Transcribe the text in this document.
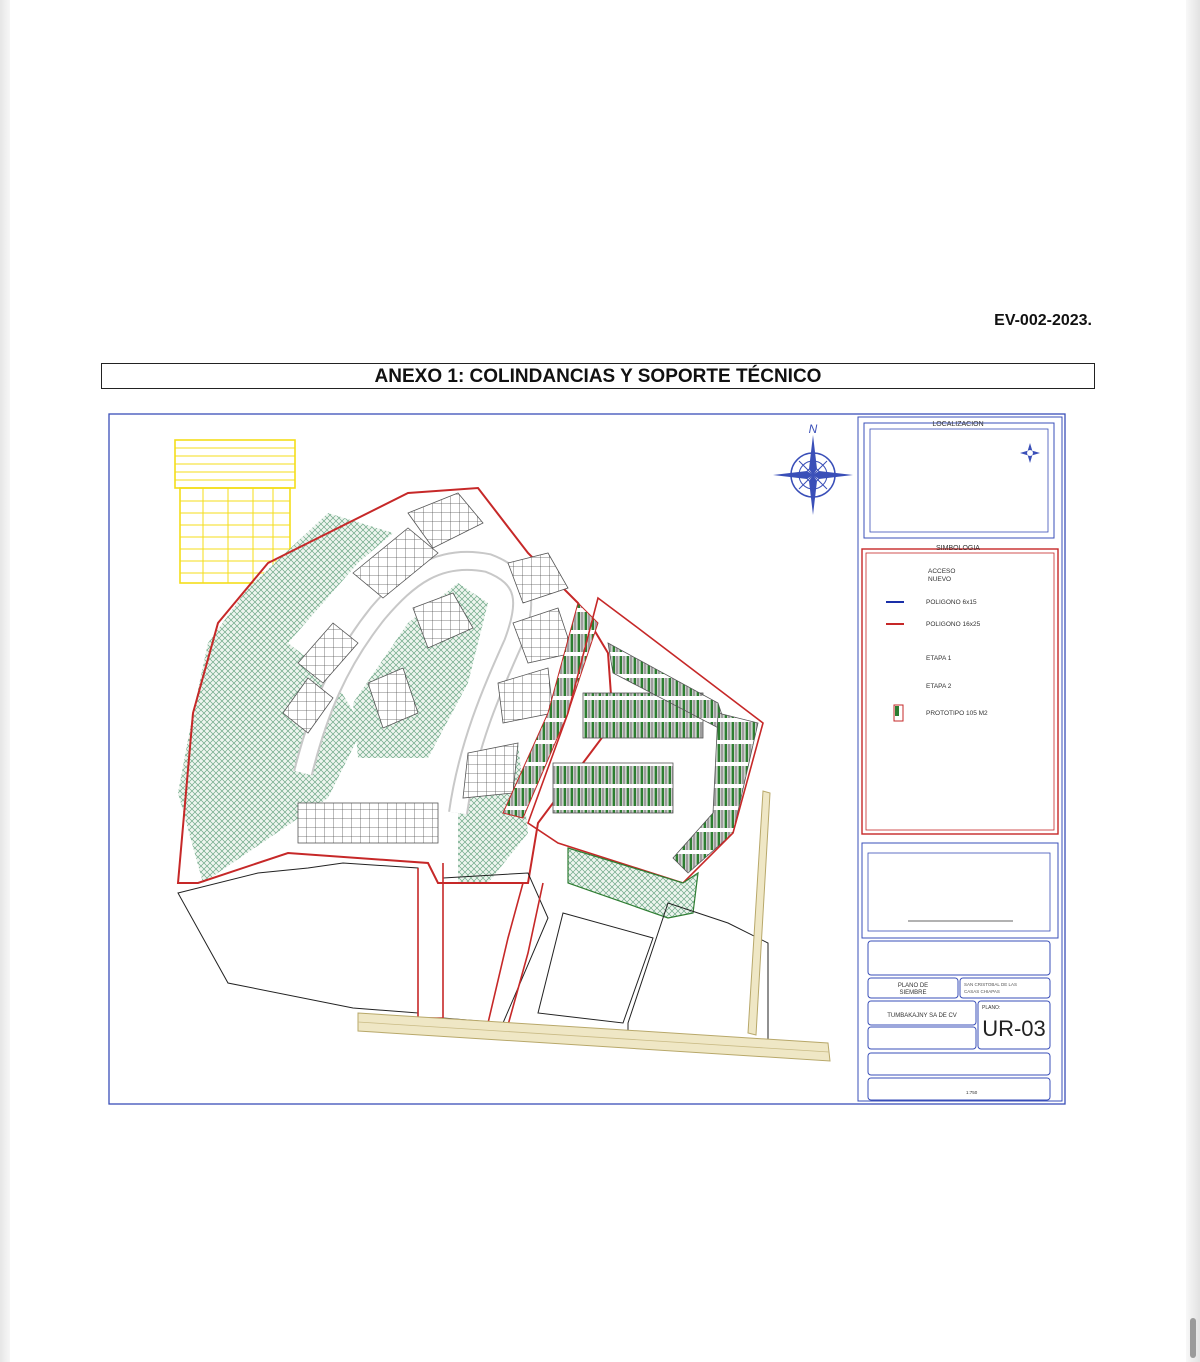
EV-002-2023.
ANEXO 1: COLINDANCIAS Y SOPORTE TÉCNICO
N	LOCALIZACION
SIMBOLOGIA
ACCESO
NUEVO
POLIGONO 6x15
POLIGONO 16x25
ETAPA 1
ETAPA 2
PROTOTIPO 105 M2
PLANO DE
SIEMBRE
SAN CRISTOBAL DE LAS
CASAS CHIAPAS
TUMBAKAJNY SA DE CV
PLANO:
UR-03
1:750
